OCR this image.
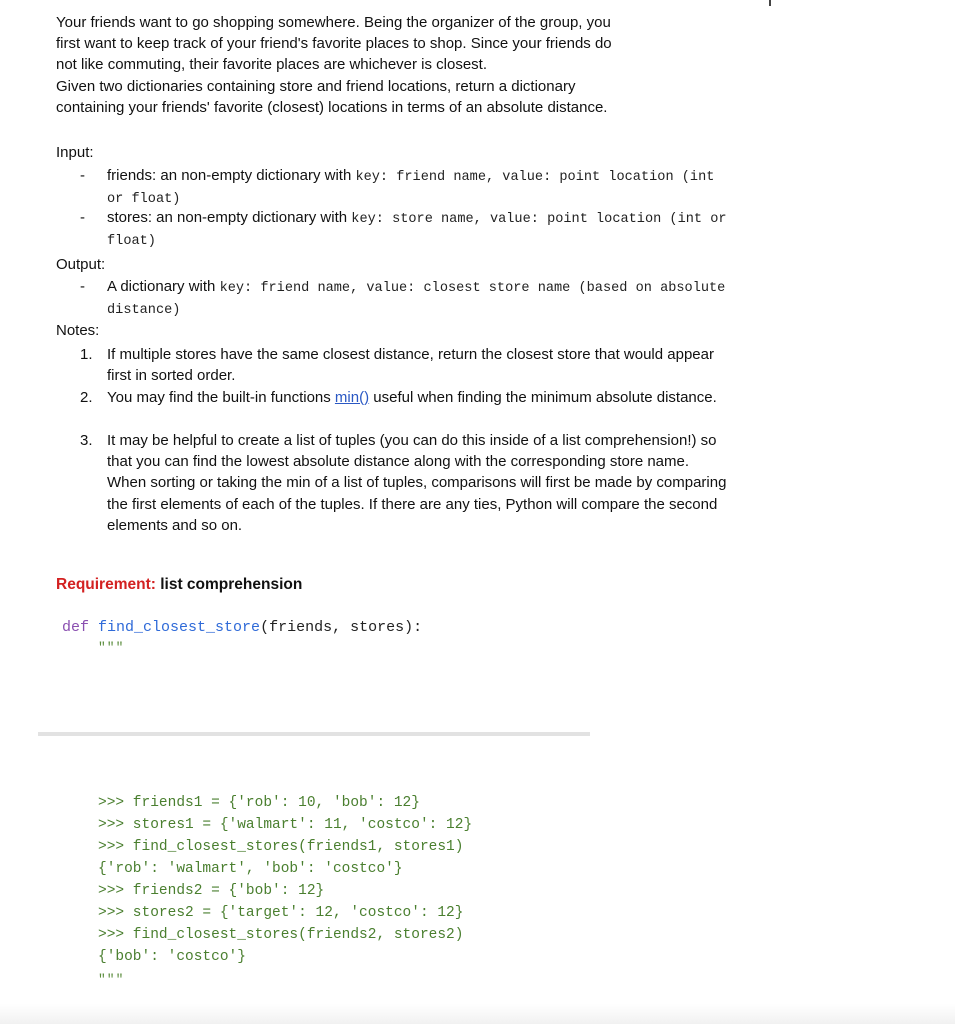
Your friends want to go shopping somewhere. Being the organizer of the group, you

first want to keep track of your friend's favorite places to shop. Since your friends do

not like commuting, their favorite places are whichever is closest.

Given two dictionaries containing store and friend locations, return a dictionary

containing your friends' favorite (closest) locations in terms of an absolute distance.

Input:
-	friends: an non-empty dictionary with key: friend name, value: point location (int or float)
-	stores: an non-empty dictionary with key: store name, value: point location (int or float)
Output:
-	A dictionary with key: friend name, value: closest store name (based on absolute distance)
Notes:
1. If multiple stores have the same closest distance, return the closest store that would appear first in sorted order.
2. You may find the built-in functions min() useful when finding the minimum absolute distance.
3. It may be helpful to create a list of tuples (you can do this inside of a list comprehension!) so that you can find the lowest absolute distance along with the corresponding store name. When sorting or taking the min of a list of tuples, comparisons will first be made by comparing the first elements of each of the tuples. If there are any ties, Python will compare the second elements and so on.
Requirement: list comprehension
def find_closest_store(friends, stores):
"""
>>> friends1 = {'rob': 10, 'bob': 12}
>>> stores1 = {'walmart': 11, 'costco': 12}
>>> find_closest_stores(friends1, stores1)
{'rob': 'walmart', 'bob': 'costco'}
>>> friends2 = {'bob': 12}
>>> stores2 = {'target': 12, 'costco': 12}
>>> find_closest_stores(friends2, stores2)
{'bob': 'costco'}
"""
